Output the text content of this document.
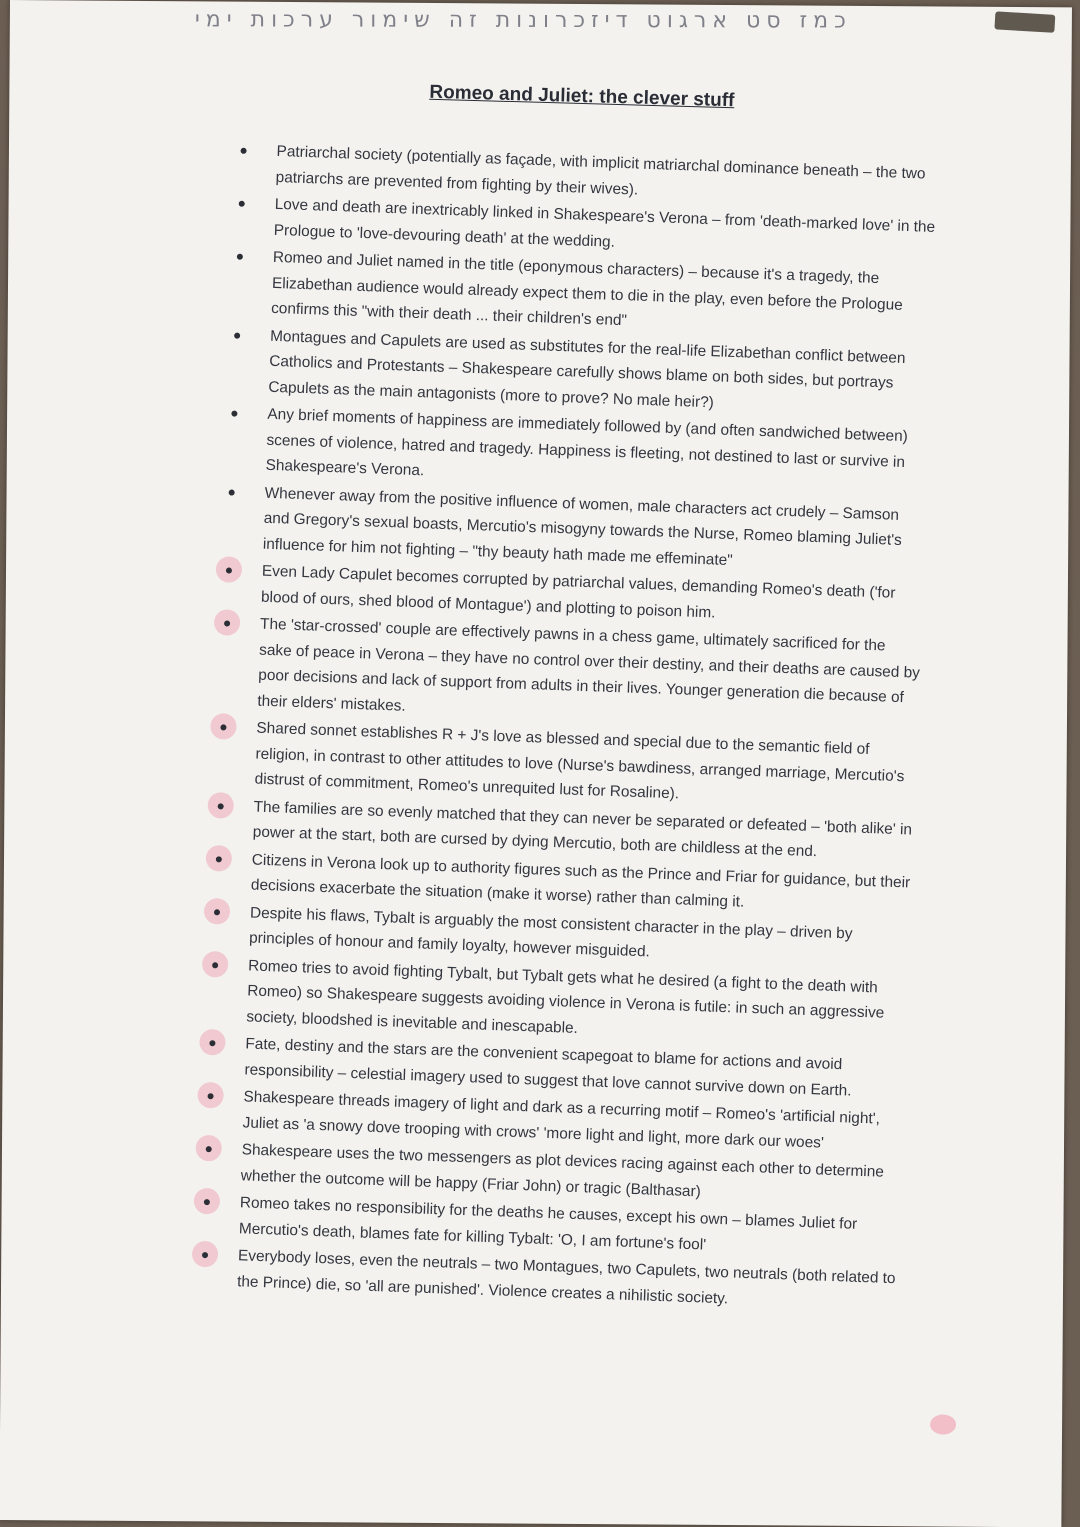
כמז סט ארגוט דיזכרונות זה שימור ערכות ימי
Romeo and Juliet: the clever stuff
Patriarchal society (potentially as façade, with implicit matriarchal dominance beneath – the two patriarchs are prevented from fighting by their wives).
Love and death are inextricably linked in Shakespeare's Verona – from 'death-marked love' in the Prologue to 'love-devouring death' at the wedding.
Romeo and Juliet named in the title (eponymous characters) – because it's a tragedy, the Elizabethan audience would already expect them to die in the play, even before the Prologue confirms this "with their death ... their children's end"
Montagues and Capulets are used as substitutes for the real-life Elizabethan conflict between Catholics and Protestants – Shakespeare carefully shows blame on both sides, but portrays Capulets as the main antagonists (more to prove? No male heir?)
Any brief moments of happiness are immediately followed by (and often sandwiched between) scenes of violence, hatred and tragedy. Happiness is fleeting, not destined to last or survive in Shakespeare's Verona.
Whenever away from the positive influence of women, male characters act crudely – Samson and Gregory's sexual boasts, Mercutio's misogyny towards the Nurse, Romeo blaming Juliet's influence for him not fighting – "thy beauty hath made me effeminate"
Even Lady Capulet becomes corrupted by patriarchal values, demanding Romeo's death ('for blood of ours, shed blood of Montague') and plotting to poison him.
The 'star-crossed' couple are effectively pawns in a chess game, ultimately sacrificed for the sake of peace in Verona – they have no control over their destiny, and their deaths are caused by poor decisions and lack of support from adults in their lives. Younger generation die because of their elders' mistakes.
Shared sonnet establishes R + J's love as blessed and special due to the semantic field of religion, in contrast to other attitudes to love (Nurse's bawdiness, arranged marriage, Mercutio's distrust of commitment, Romeo's unrequited lust for Rosaline).
The families are so evenly matched that they can never be separated or defeated – 'both alike' in power at the start, both are cursed by dying Mercutio, both are childless at the end.
Citizens in Verona look up to authority figures such as the Prince and Friar for guidance, but their decisions exacerbate the situation (make it worse) rather than calming it.
Despite his flaws, Tybalt is arguably the most consistent character in the play – driven by principles of honour and family loyalty, however misguided.
Romeo tries to avoid fighting Tybalt, but Tybalt gets what he desired (a fight to the death with Romeo) so Shakespeare suggests avoiding violence in Verona is futile: in such an aggressive society, bloodshed is inevitable and inescapable.
Fate, destiny and the stars are the convenient scapegoat to blame for actions and avoid responsibility – celestial imagery used to suggest that love cannot survive down on Earth.
Shakespeare threads imagery of light and dark as a recurring motif – Romeo's 'artificial night', Juliet as 'a snowy dove trooping with crows' 'more light and light, more dark our woes'
Shakespeare uses the two messengers as plot devices racing against each other to determine whether the outcome will be happy (Friar John) or tragic (Balthasar)
Romeo takes no responsibility for the deaths he causes, except his own – blames Juliet for Mercutio's death, blames fate for killing Tybalt: 'O, I am fortune's fool'
Everybody loses, even the neutrals – two Montagues, two Capulets, two neutrals (both related to the Prince) die, so 'all are punished'. Violence creates a nihilistic society.
